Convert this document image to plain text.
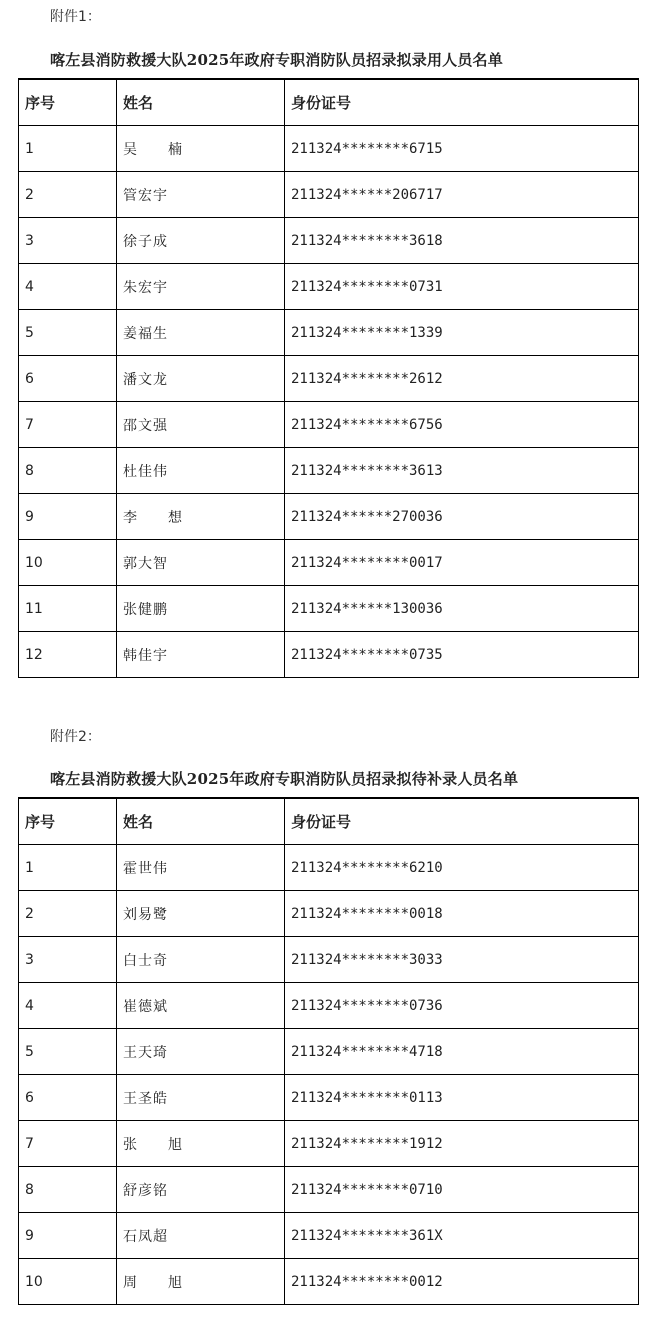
附件1：
喀左县消防救援大队2025年政府专职消防队员招录拟录用人员名单
序号	姓名	身份证号
1	吴　　楠	211324********6715
2	管宏宇	211324******206717
3	徐子成	211324********3618
4	朱宏宇	211324********0731
5	姜福生	211324********1339
6	潘文龙	211324********2612
7	邵文强	211324********6756
8	杜佳伟	211324********3613
9	李　　想	211324******270036
10	郭大智	211324********0017
11	张健鹏	211324******130036
12	韩佳宇	211324********0735
附件2：
喀左县消防救援大队2025年政府专职消防队员招录拟待补录人员名单
序号	姓名	身份证号
1	霍世伟	211324********6210
2	刘易鹭	211324********0018
3	白士奇	211324********3033
4	崔德斌	211324********0736
5	王天琦	211324********4718
6	王圣皓	211324********0113
7	张　　旭	211324********1912
8	舒彦铭	211324********0710
9	石凤超	211324********361X
10	周　　旭	211324********0012
